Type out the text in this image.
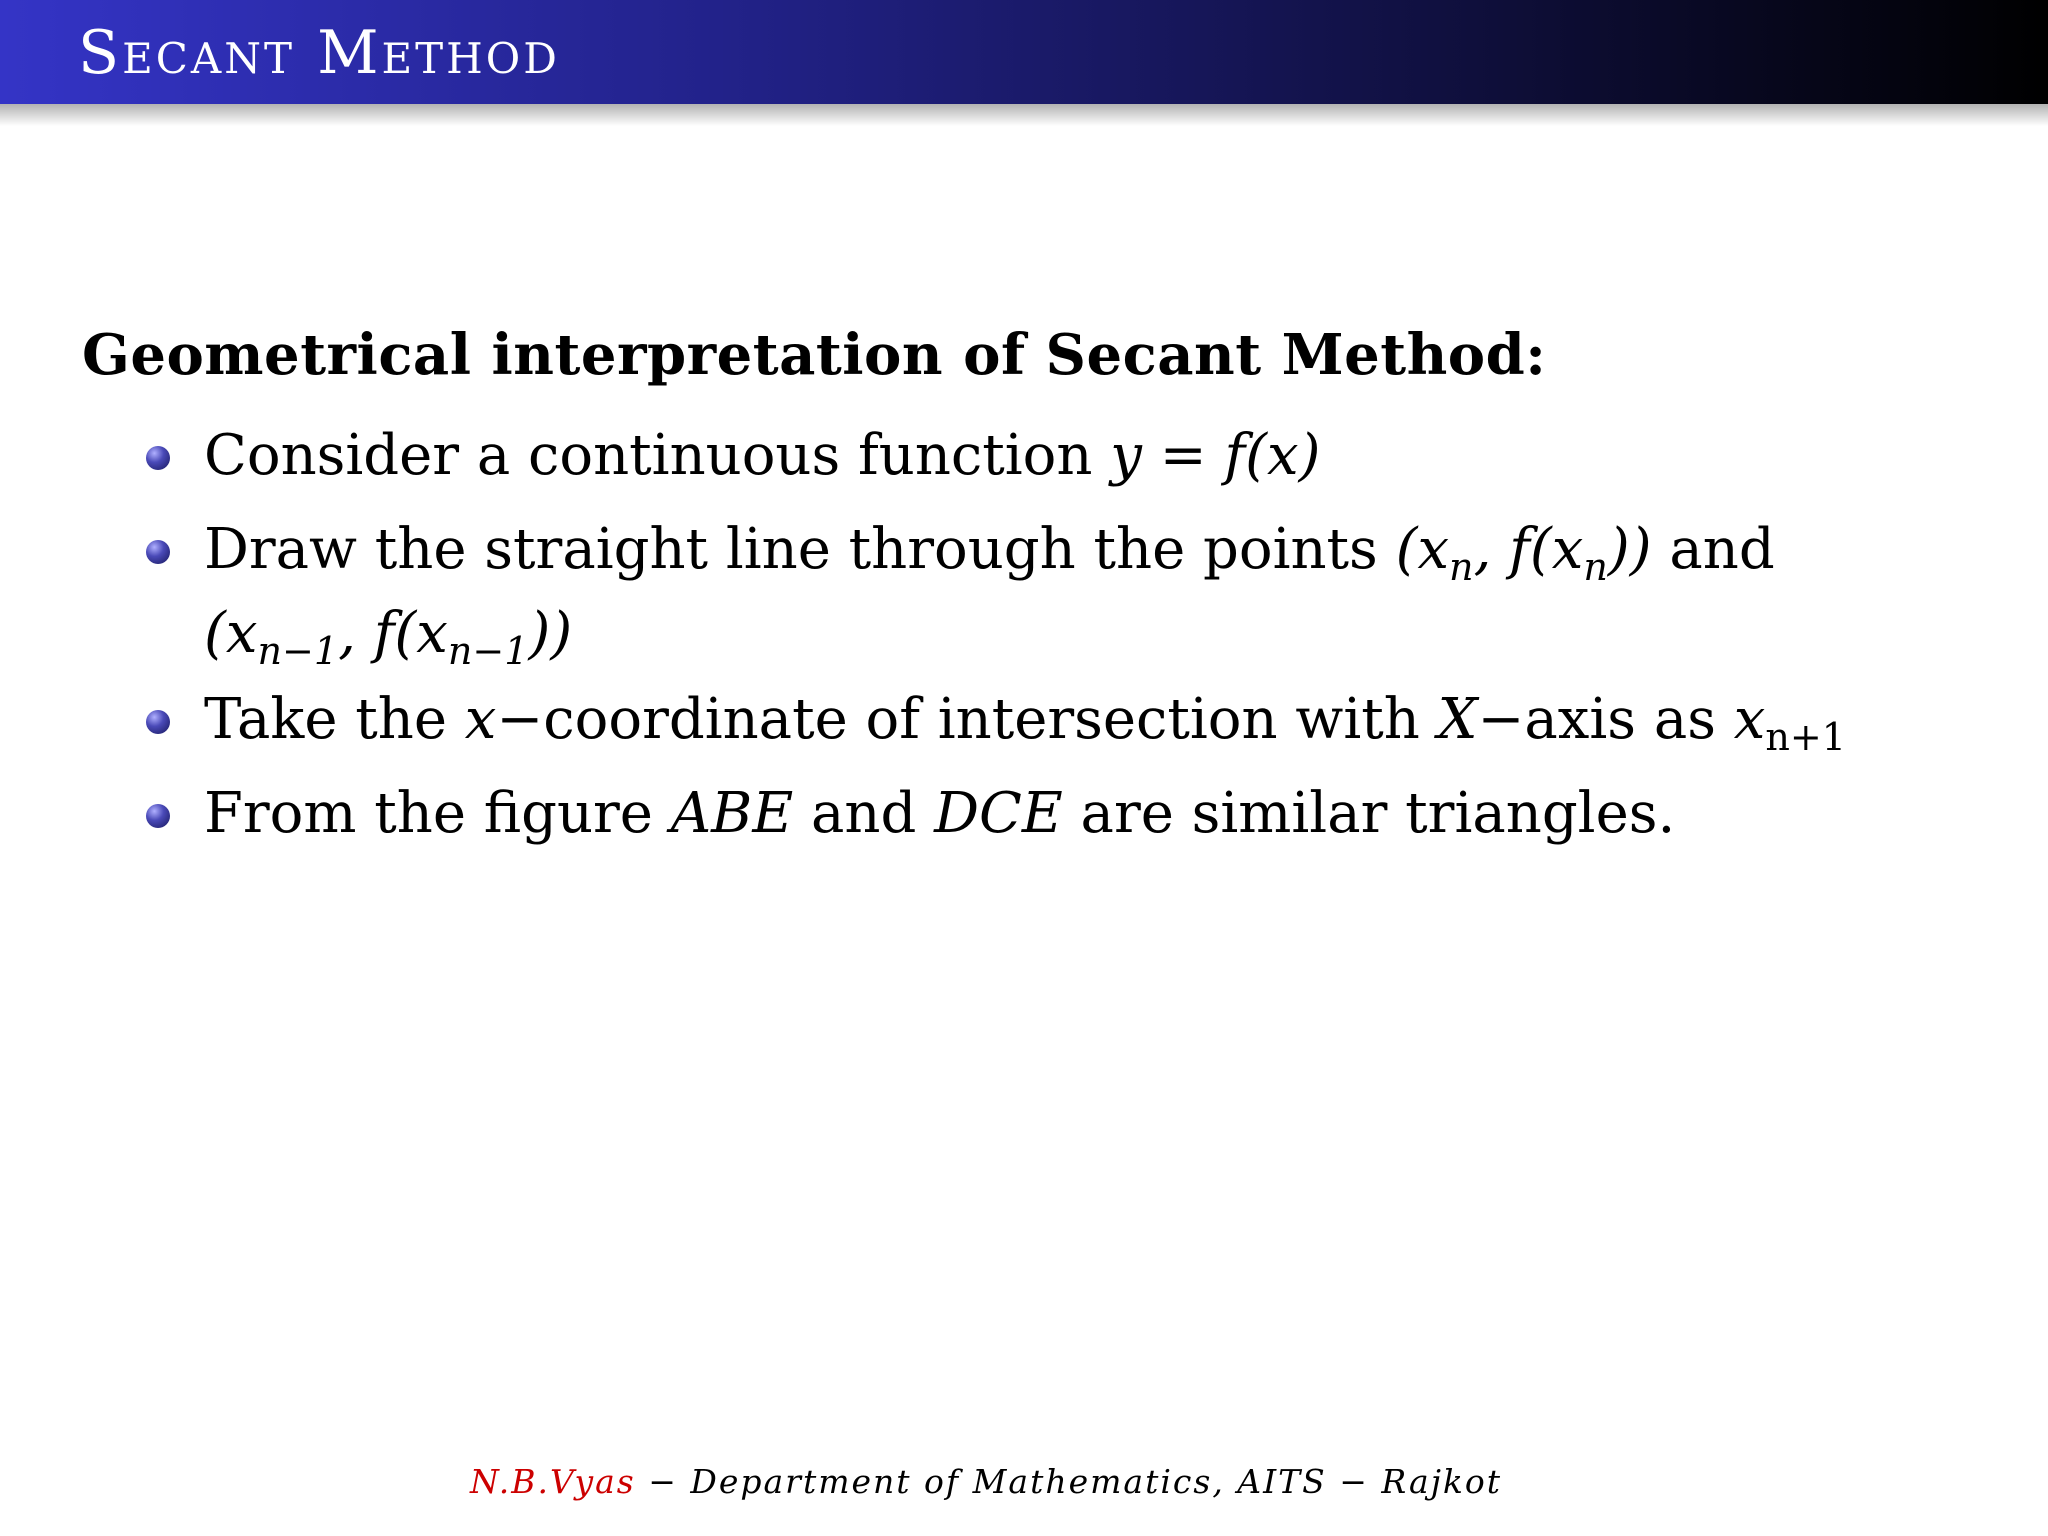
Secant Method
Geometrical interpretation of Secant Method:
Consider a continuous function y = f(x)
Draw the straight line through the points ($x_n$, $f(x_n)$) and
($x_{n-1}$, $f(x_{n-1})$)
Take the x−coordinate of intersection with X−axis as $x_{n+1}$
From the figure ABE and DCE are similar triangles.
N.B.Vyas − Department of Mathematics, AITS − Rajkot
